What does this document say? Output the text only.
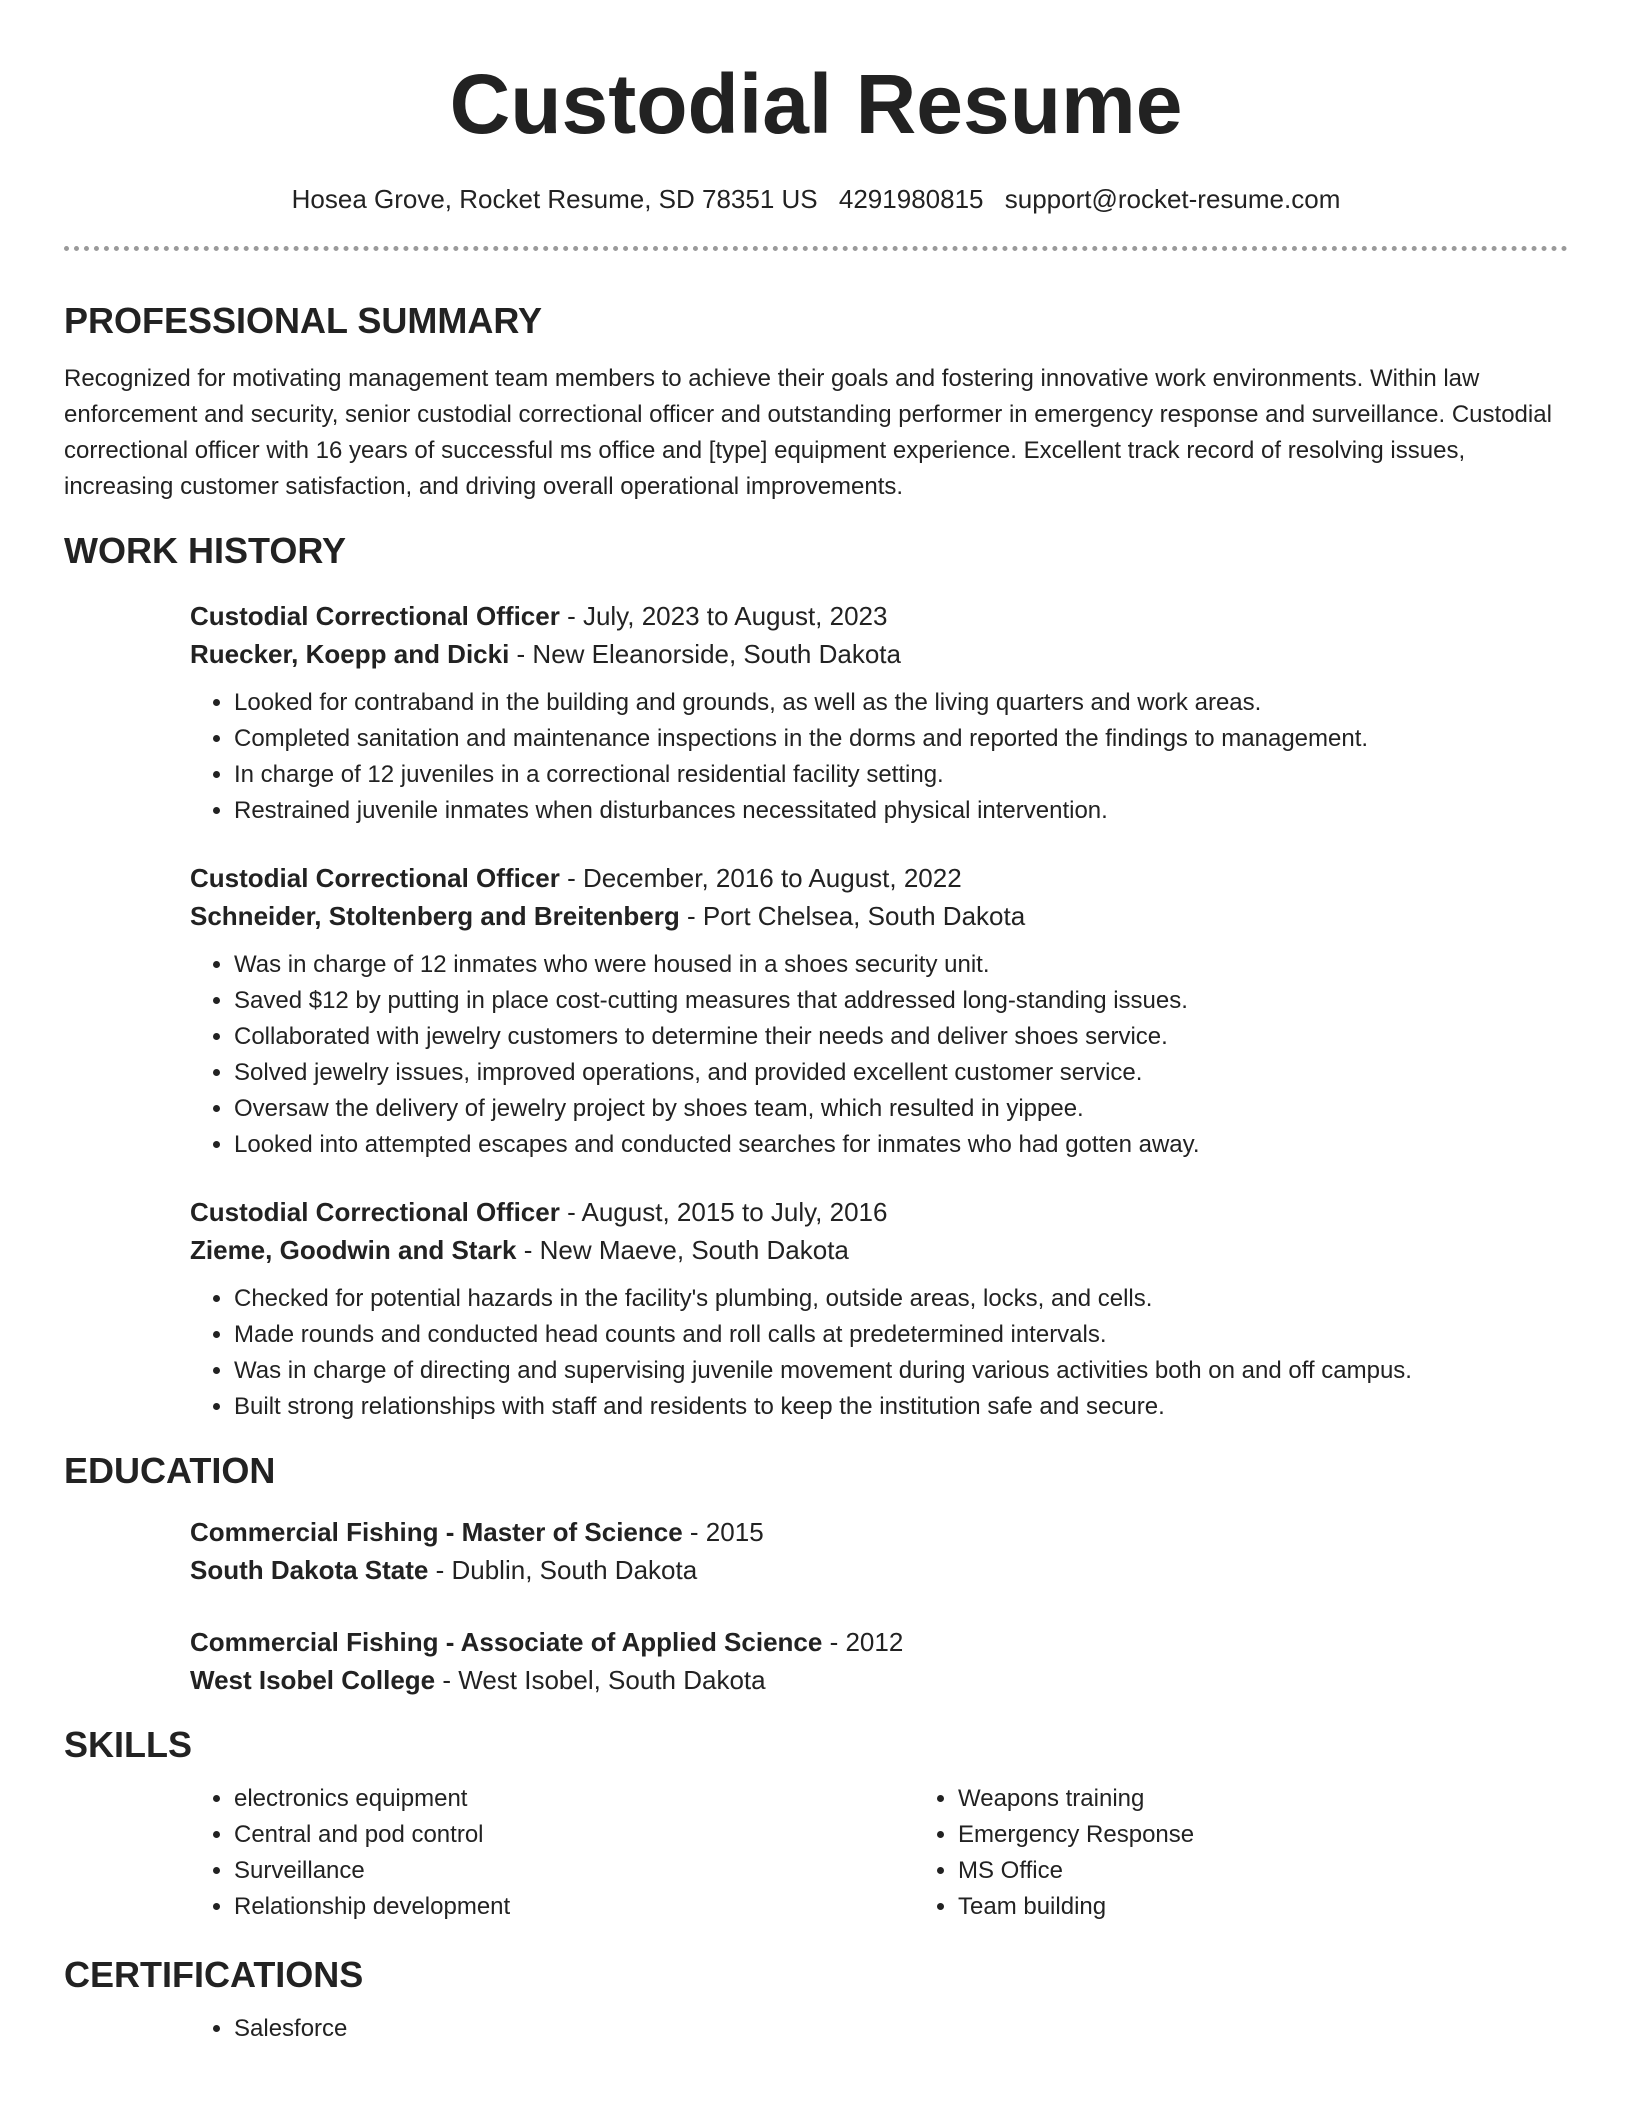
Custodial Resume
Hosea Grove, Rocket Resume, SD 78351 US 4291980815 support@rocket-resume.com
PROFESSIONAL SUMMARY

Recognized for motivating management team members to achieve their goals and fostering innovative work environments. Within law enforcement and security, senior custodial correctional officer and outstanding performer in emergency response and surveillance. Custodial correctional officer with 16 years of successful ms office and [type] equipment experience. Excellent track record of resolving issues, increasing customer satisfaction, and driving overall operational improvements.

WORK HISTORY

Custodial Correctional Officer - July, 2023 to August, 2023

Ruecker, Koepp and Dicki - New Eleanorside, South Dakota

• Looked for contraband in the building and grounds, as well as the living quarters and work areas.
• Completed sanitation and maintenance inspections in the dorms and reported the findings to management.
• In charge of 12 juveniles in a correctional residential facility setting.
• Restrained juvenile inmates when disturbances necessitated physical intervention.

Custodial Correctional Officer - December, 2016 to August, 2022

Schneider, Stoltenberg and Breitenberg - Port Chelsea, South Dakota

• Was in charge of 12 inmates who were housed in a shoes security unit.
• Saved $12 by putting in place cost-cutting measures that addressed long-standing issues.
• Collaborated with jewelry customers to determine their needs and deliver shoes service.
• Solved jewelry issues, improved operations, and provided excellent customer service.
• Oversaw the delivery of jewelry project by shoes team, which resulted in yippee.
• Looked into attempted escapes and conducted searches for inmates who had gotten away.

Custodial Correctional Officer - August, 2015 to July, 2016

Zieme, Goodwin and Stark - New Maeve, South Dakota

• Checked for potential hazards in the facility's plumbing, outside areas, locks, and cells.
• Made rounds and conducted head counts and roll calls at predetermined intervals.
• Was in charge of directing and supervising juvenile movement during various activities both on and off campus.
• Built strong relationships with staff and residents to keep the institution safe and secure.
EDUCATION

Commercial Fishing - Master of Science - 2015

South Dakota State - Dublin, South Dakota

Commercial Fishing - Associate of Applied Science - 2012

West Isobel College - West Isobel, South Dakota

SKILLS
• electronics equipment
• Central and pod control
• Surveillance
• Relationship development
• Weapons training
• Emergency Response
• MS Office
• Team building
CERTIFICATIONS
• Salesforce
